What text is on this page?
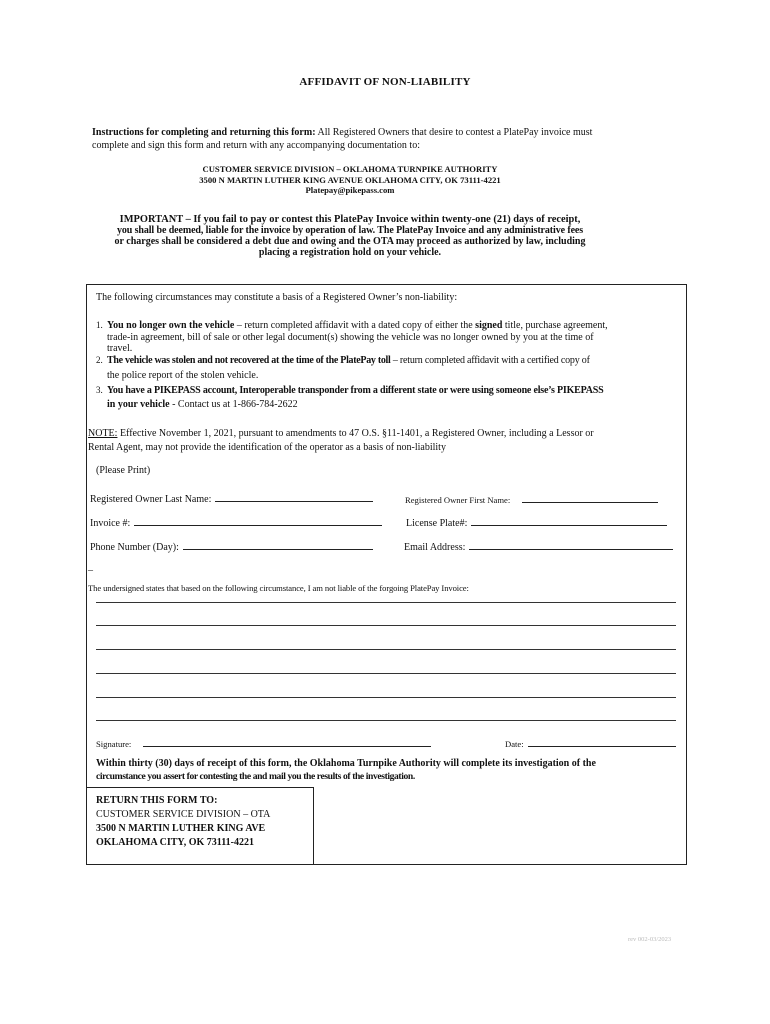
AFFIDAVIT OF NON-LIABILITY
Instructions for completing and returning this form: All Registered Owners that desire to contest a PlatePay invoice must
complete and sign this form and return with any accompanying documentation to:
CUSTOMER SERVICE DIVISION – OKLAHOMA TURNPIKE AUTHORITY
3500 N MARTIN LUTHER KING AVENUE OKLAHOMA CITY, OK 73111-4221
Platepay@pikepass.com
IMPORTANT – If you fail to pay or contest this PlatePay Invoice within twenty-one (21) days of receipt,
you shall be deemed, liable for the invoice by operation of law. The PlatePay Invoice and any administrative fees
or charges shall be considered a debt due and owing and the OTA may proceed as authorized by law, including
placing a registration hold on your vehicle.
The following circumstances may constitute a basis of a Registered Owner’s non-liability:
1. You no longer own the vehicle – return completed affidavit with a dated copy of either the signed title, purchase agreement,
trade-in agreement, bill of sale or other legal document(s) showing the vehicle was no longer owned by you at the time of
travel.
2. The vehicle was stolen and not recovered at the time of the PlatePay toll – return completed affidavit with a certified copy of
the police report of the stolen vehicle.
3. You have a PIKEPASS account, Interoperable transponder from a different state or were using someone else’s PIKEPASS
in your vehicle - Contact us at 1-866-784-2622
NOTE: Effective November 1, 2021, pursuant to amendments to 47 O.S. §11-1401, a Registered Owner, including a Lessor or
Rental Agent, may not provide the identification of the operator as a basis of non-liability
(Please Print)
Registered Owner Last Name:	Registered Owner First Name:
Invoice #:	License Plate#:
Phone Number (Day):	Email Address:
_
The undersigned states that based on the following circumstance, I am not liable of the forgoing PlatePay Invoice:
Signature:	Date:
Within thirty (30) days of receipt of this form, the Oklahoma Turnpike Authority will complete its investigation of the
circumstance you assert for contesting the and mail you the results of the investigation.
RETURN THIS FORM TO:
CUSTOMER SERVICE DIVISION – OTA
3500 N MARTIN LUTHER KING AVE
OKLAHOMA CITY, OK 73111-4221
rev 002-03/2023
